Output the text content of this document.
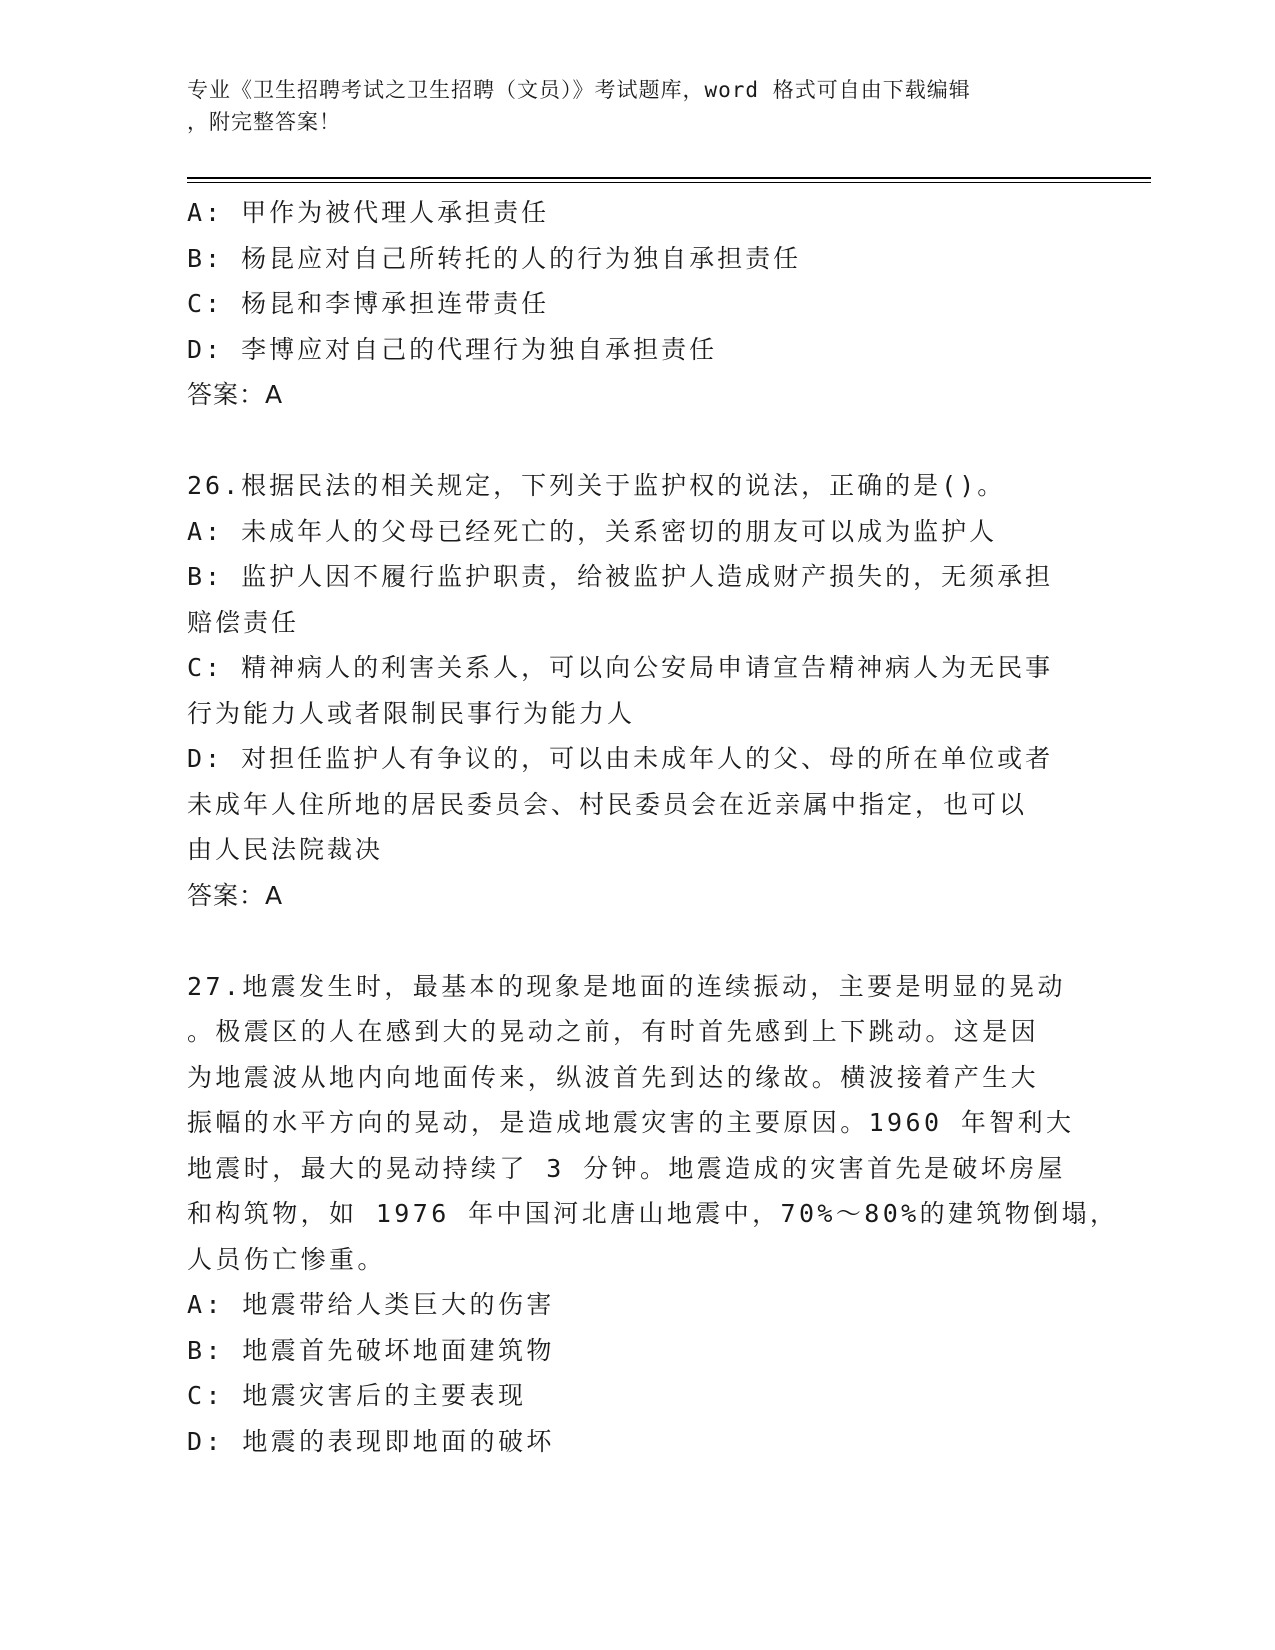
专业《卫生招聘考试之卫生招聘（文员）》考试题库，word 格式可自由下载编辑
，附完整答案！
A: 甲作为被代理人承担责任
B: 杨昆应对自己所转托的人的行为独自承担责任
C: 杨昆和李博承担连带责任
D: 李博应对自己的代理行为独自承担责任
答案：A
26.根据民法的相关规定，下列关于监护权的说法，正确的是()。
A: 未成年人的父母已经死亡的，关系密切的朋友可以成为监护人
B: 监护人因不履行监护职责，给被监护人造成财产损失的，无须承担
赔偿责任
C: 精神病人的利害关系人，可以向公安局申请宣告精神病人为无民事
行为能力人或者限制民事行为能力人
D: 对担任监护人有争议的，可以由未成年人的父、母的所在单位或者
未成年人住所地的居民委员会、村民委员会在近亲属中指定，也可以
由人民法院裁决
答案：A
27.地震发生时，最基本的现象是地面的连续振动，主要是明显的晃动
。极震区的人在感到大的晃动之前，有时首先感到上下跳动。这是因
为地震波从地内向地面传来，纵波首先到达的缘故。横波接着产生大
振幅的水平方向的晃动，是造成地震灾害的主要原因。1960 年智利大
地震时，最大的晃动持续了 3 分钟。地震造成的灾害首先是破坏房屋
和构筑物，如 1976 年中国河北唐山地震中，70%～80%的建筑物倒塌，
人员伤亡惨重。
A: 地震带给人类巨大的伤害
B: 地震首先破坏地面建筑物
C: 地震灾害后的主要表现
D: 地震的表现即地面的破坏
